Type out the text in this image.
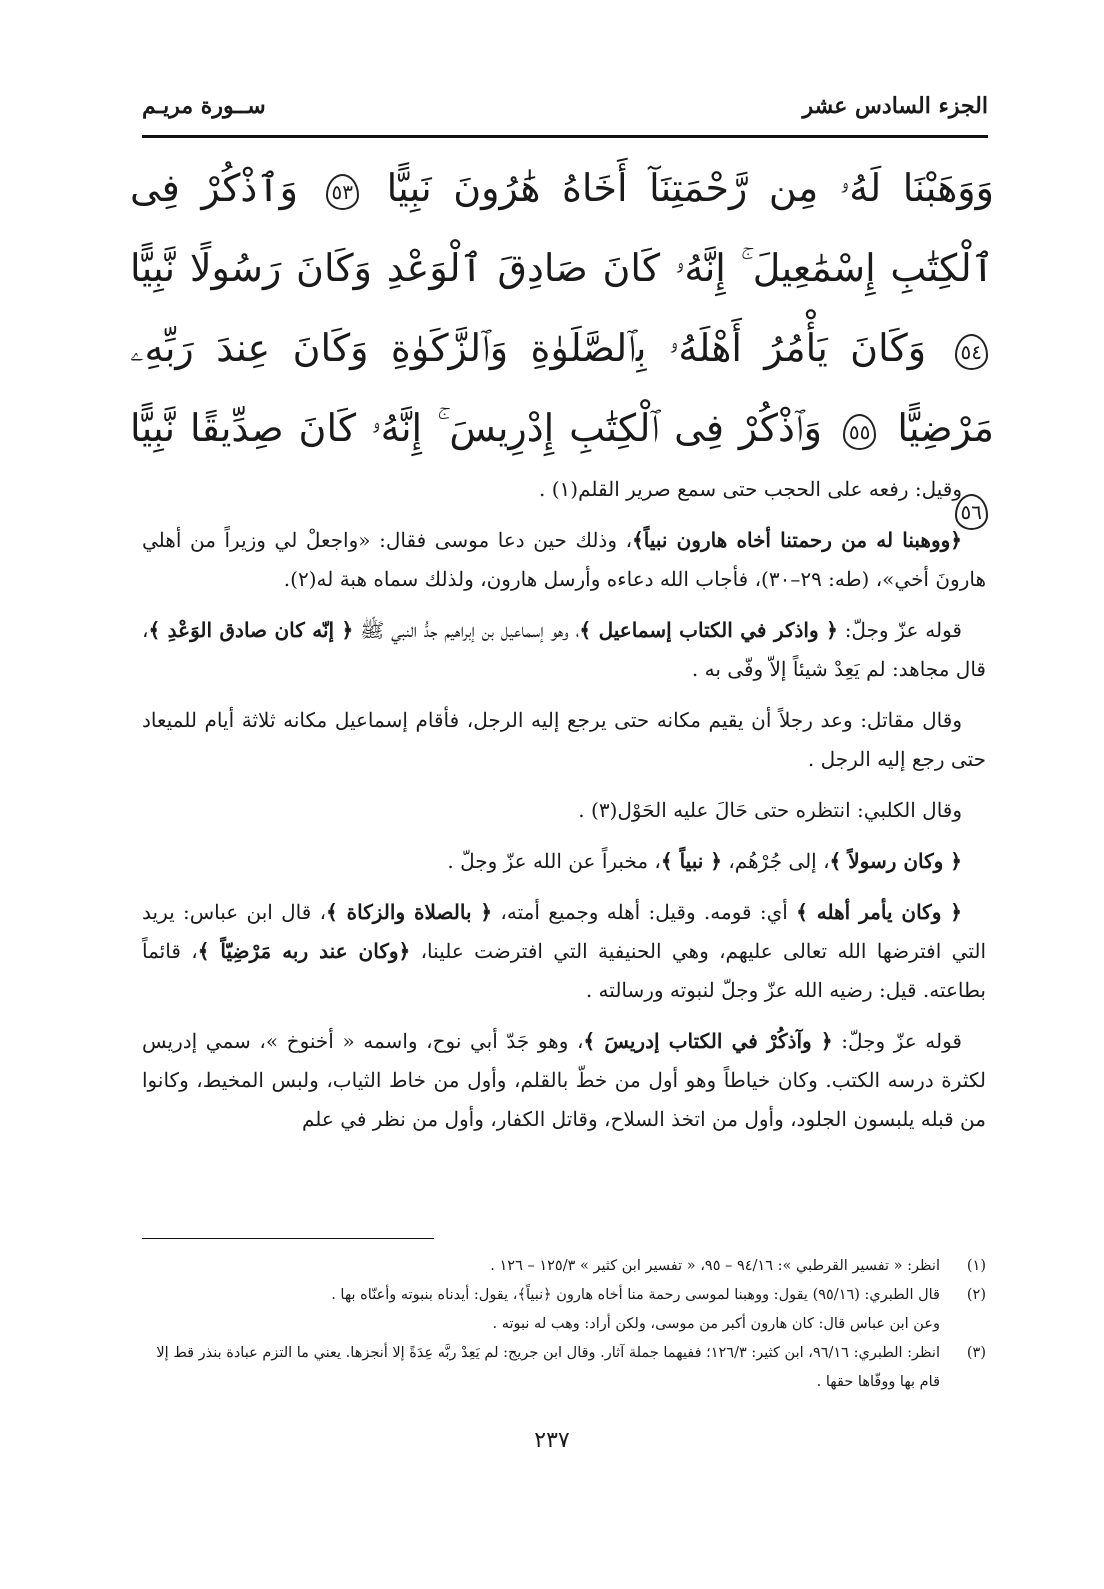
الجزء السادس عشر
ســورة مريـم
وَوَهَبْنَا لَهُۥ مِن رَّحْمَتِنَآ أَخَاهُ هَٰرُونَ نَبِيًّا ٥٣ وَٱذْكُرْ فِى ٱلْكِتَٰبِ إِسْمَٰعِيلَ ۚ إِنَّهُۥ كَانَ صَادِقَ ٱلْوَعْدِ وَكَانَ رَسُولًا نَّبِيًّا ٥٤ وَكَانَ يَأْمُرُ أَهْلَهُۥ بِٱلصَّلَوٰةِ وَٱلزَّكَوٰةِ وَكَانَ عِندَ رَبِّهِۦ مَرْضِيًّا ٥٥ وَٱذْكُرْ فِى ٱلْكِتَٰبِ إِدْرِيسَ ۚ إِنَّهُۥ كَانَ صِدِّيقًا نَّبِيًّا ٥٦

وقيل: رفعه على الحجب حتى سمع صرير القلم(١) .

﴿ووهبنا له من رحمتنا أخاه هارون نبياً﴾، وذلك حين دعا موسى فقال: «واجعلْ لي وزيراً من أهلي هارونَ أخي»، (طه: ٢٩–٣٠)، فأجاب الله دعاءه وأرسل هارون، ولذلك سماه هبة له(٢).

قوله عزّ وجلّ: ﴿ واذكر في الكتاب إسماعيل ﴾، وهو إسماعيل بن إبراهيم جدُّ النبي ﷺ ﴿ إنّه كان صادق الوَعْدِ ﴾، قال مجاهد: لم يَعِدْ شيئاً إلاّ وفّى به .

وقال مقاتل: وعد رجلاً أن يقيم مكانه حتى يرجع إليه الرجل، فأقام إسماعيل مكانه ثلاثة أيام للميعاد حتى رجع إليه الرجل .

وقال الكلبي: انتظره حتى حَالَ عليه الحَوْل(٣) .

﴿ وكان رسولاً ﴾، إلى جُرْهُم، ﴿ نبياً ﴾، مخبراً عن الله عزّ وجلّ .

﴿ وكان يأمر أهله ﴾ أي: قومه. وقيل: أهله وجميع أمته، ﴿ بالصلاة والزكاة ﴾، قال ابن عباس: يريد التي افترضها الله تعالى عليهم، وهي الحنيفية التي افترضت علينا، ﴿وكان عند ربه مَرْضِيّاً ﴾، قائماً بطاعته. قيل: رضيه الله عزّ وجلّ لنبوته ورسالته .

قوله عزّ وجلّ: ﴿ وآذكُرْ في الكتاب إدريسَ ﴾، وهو جَدّ أبي نوح، واسمه « أخنوخ »، سمي إدريس لكثرة درسه الكتب. وكان خياطاً وهو أول من خطّ بالقلم، وأول من خاط الثياب، ولبس المخيط، وكانوا من قبله يلبسون الجلود، وأول من اتخذ السلاح، وقاتل الكفار، وأول من نظر في علم

(١)
انظر: « تفسير القرطبي »: ٩٤/١٦ – ٩٥، « تفسير ابن كثير » ١٢٥/٣ – ١٢٦ .
(٢)
قال الطبري: (٩٥/١٦) يقول: ووهبنا لموسى رحمة منا أخاه هارون ﴿نبياً﴾، يقول: أيدناه بنبوته وأعنّاه بها .
وعن ابن عباس قال: كان هارون أكبر من موسى، ولكن أراد: وهب له نبوته .
(٣)
انظر: الطبري: ٩٦/١٦، ابن كثير: ١٢٦/٣؛ ففيهما جملة آثار. وقال ابن جريج: لم يَعِدْ ربَّه عِدَةً إلا أنجزها. يعني ما التزم عبادة بنذر قط إلا قام بها ووفّاها حقها .
٢٣٧
